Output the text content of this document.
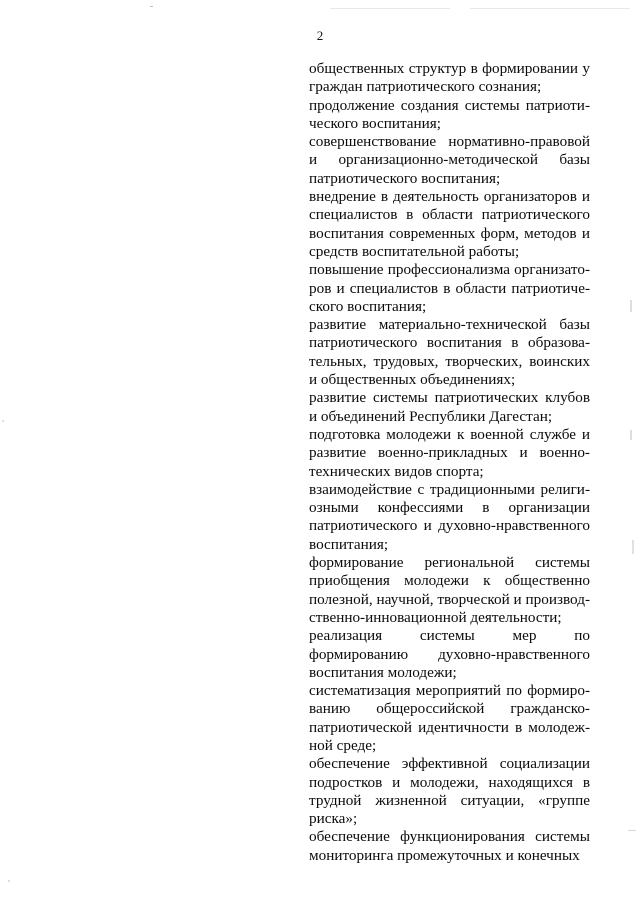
2

общественных структур в формировании у граждан патриотического сознания;

продолжение создания системы патриотического воспитания;

совершенствование нормативно-правовой и организационно-методической базы патриотического воспитания;

внедрение в деятельность организаторов и специалистов в области патриотического воспитания современных форм, методов и средств воспитательной работы;

повышение профессионализма организаторов и специалистов в области патриотического воспитания;

развитие материально-технической базы патриотического воспитания в образовательных, трудовых, творческих, воинских и общественных объединениях;

развитие системы патриотических клубов и объединений Республики Дагестан;

подготовка молодежи к военной службе и развитие военно-прикладных и военно-технических видов спорта;

взаимодействие с традиционными религиозными конфессиями в организации патриотического и духовно-нравственного воспитания;

формирование региональной системы приобщения молодежи к общественно полезной, научной, творческой и производственно-инновационной деятельности;

реализация системы мер по формированию духовно-нравственного воспитания молодежи;

систематизация мероприятий по формированию общероссийской гражданско-патриотической идентичности в молодежной среде;

обеспечение эффективной социализации подростков и молодежи, находящихся в трудной жизненной ситуации, «группе риска»;

обеспечение функционирования системы мониторинга промежуточных и конечных
